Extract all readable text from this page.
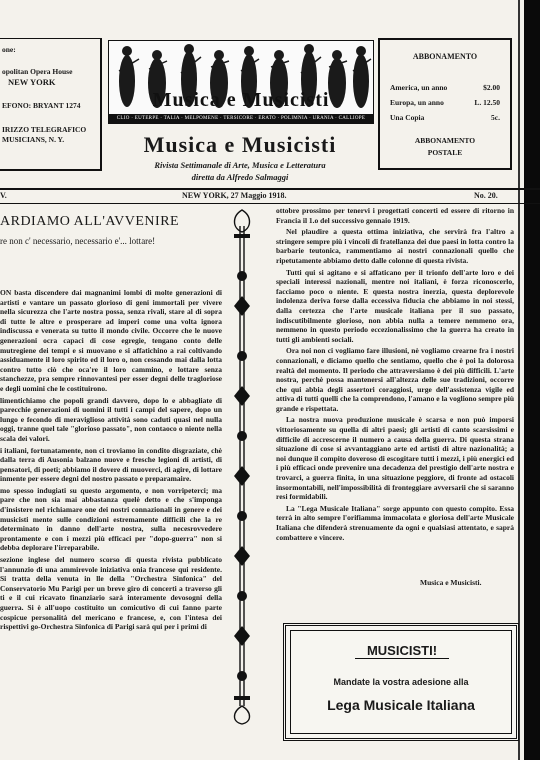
one:
opolitan Opera House
NEW YORK
EFONO: BRYANT 1274
IRIZZO TELEGRAFICO
MUSICIANS, N. Y.
Musica e Musicisti
CLIO · EUTERPE · TALIA · MELPOMENE · TERSICORE · ERATO · POLIMNIA · URANIA · CALLIOPE
ABBONAMENTO
America, un anno	$2.00
Europa, un anno	L. 12.50
Una Copia	5c.
ABBONAMENTO
POSTALE
Musica e Musicisti
Rivista Settimanale di Arte, Musica e Letteratura
diretta da Alfredo Salmaggi
V.	NEW YORK, 27 Maggio 1918.	No. 20.
ARDIAMO ALL'AVVENIRE
re non c' necessario, necessario e'... lottare!

ON basta discendere dai magnanimi lombi di molte generazioni di artisti e vantare un passato glorioso di geni immortali per vivere nella sicurezza che l'arte nostra possa, senza rivali, stare al di sopra di tutte le altre e prosperare ad imperi come una volta ignora indiscussa e venerata su tutto il mondo civile. Occorre che le nuove generazioni ocra capaci di cose egregie, tengano conto delle mutregiene dei tempi e si muovano e si affatichino a rai coltivando assiduamente il loro spirito ed il loro o, non cessando mai dalla lotta contro tutto ciò che oca're il loro cammino, e lottare senza stanchezze, pra sempre rinnovantesi per esser degni delle tragloriose e degli uomini che le costituirono.

limentichiamo che popoli grandi davvero, dopo lo e abbagliate di parecchie generazioni di uomini il tutti i campi del sapere, dopo un lungo e fecondo di meraviglioso attività sono caduti quasi nel nulla oggi, tranne quel tale "glorioso passato", non contaoco o niente nella scala dei valori.

i italiani, fortunatamente, non ci troviamo in condito disgraziate, chè dalla terra di Ausonia balzano nuove e fresche legioni di artisti, di pensatori, di poeti; abbiamo il dovere di muoverci, di agire, di lottare inmente per essere degni del nostro passato e preparamaire.

mo spesso indugiati su questo argomento, e non vorripeterci; ma pare che non sia mai abbastanza quelè detto e che s'imponga d'insistere nel richiamare one dei nostri connazionali in genere e dei musicisti mente sulle condizioni estremamente difficili che la re determinato in danno dell'arte nostra, sulla necesrovvedere prontamente e con i mezzi più efficaci per "dopo-guerra" non si debba deplorare l'irreparabile.

sezione inglese del numero scorso di questa rivista pubblicato l'annunzio di una ammirevole iniziativa onia francese qui residente. Si tratta della venuta in lle della "Orchestra Sinfonica" del Conservatorio Mu Parigi per un breve giro di concerti a traverso gli ti e il cui ricavato finanziario sarà interamente devosogni della guerra. Si è all'uopo costituito un comicutivo di cui fanno parte cospicue personalità del mericano e francese, e, con l'intesa dei rispettivi go-Orchestra Sinfonica di Parigi sarà qui per i primi di

ottobre prossimo per tenervi i progettati concerti ed essere di ritorno in Francia il 1.o del successivo gennaio 1919.

Nel plaudire a questa ottima iniziativa, che servirà fra l'altro a stringere sempre più i vincoli di fratellanza dei due paesi in lotta contro la barbarie teutonica, rammentiamo ai nostri connazionali quello che ripetutamente abbiamo detto dalle colonne di questa rivista.

Tutti qui si agitano e si affaticano per il trionfo dell'arte loro e dei speciali interessi nazionali, mentre noi italiani, è forza riconoscerlo, facciamo poco o niente. E questa nostra inerzia, questa deplorevole indolenza deriva forse dalla eccessiva fiducia che abbiamo in noi stessi, dalla certezza che l'arte musicale italiana per il suo passato, indiscutibilmente glorioso, non abbia nulla a temere nemmeno ora, nemmeno in questo periodo eccezionalissimo che la guerra ha creato in tutti gli ambienti sociali.

Ora noi non ci vogliamo fare illusioni, nè vogliamo crearne fra i nostri connazionali, e diciamo quello che sentiamo, quello che è poi la dolorosa realtà del momento. Il periodo che attraversiamo è dei più difficili. L'arte nostra, perchè possa mantenersi all'altezza delle sue tradizioni, occorre che qui abbia degli assertori coraggiosi, urge dell'assistenza vigile ed attiva di tutti quelli che la comprendono, l'amano e la vogliono sempre più grande e rispettata.

La nostra nuova produzione musicale è scarsa e non può imporsi vittoriosamente su quella di altri paesi; gli artisti di canto scarsissimi e difficile di accrescerne il numero a causa della guerra. Di questa strana situazione di cose si avvantaggiano arte ed artisti di altre nazionalità; a noi dunque il compito doveroso di escogitare tutti i mezzi, i più energici ed i più efficaci onde prevenire una decadenza del prestigio dell'arte nostra e trovarci, a guerra finita, in una situazione peggiore, di fronte ad ostacoli insormontabili, nell'impossibilità di fronteggiare avversarii che si saranno resi formidabili.

La "Lega Musicale Italiana" sorge appunto con questo compito. Essa terrà in alto sempre l'orifiamma immacolata e gloriosa dell'arte Musicale Italiana che difenderà strenuamente da ogni e qualsiasi attentato, e saprà combattere e vincere.

Musica e Musicisti.
MUSICISTI!
Mandate la vostra adesione alla
Lega Musicale Italiana
